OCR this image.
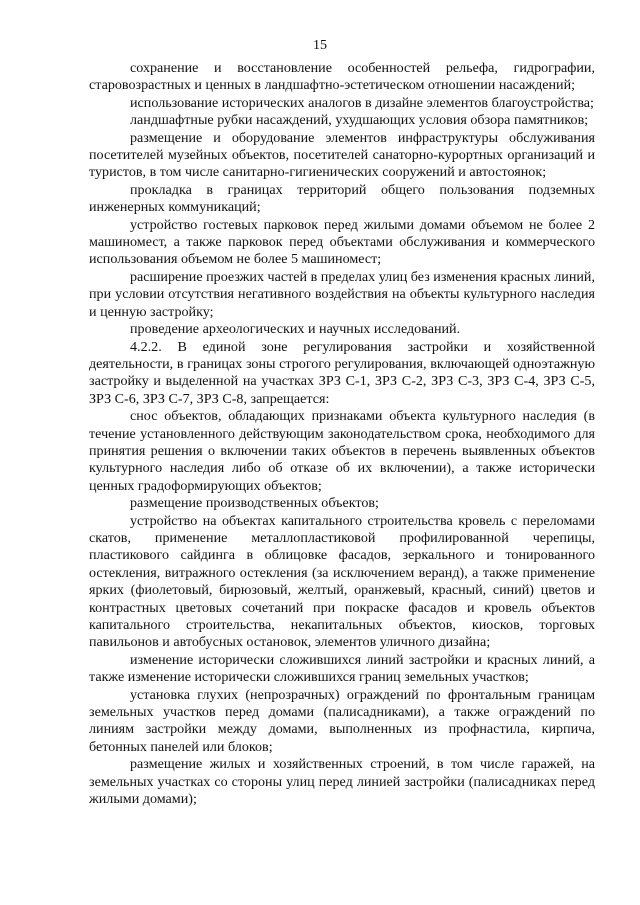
15

сохранение и восстановление особенностей рельефа, гидрографии, старовозрастных и ценных в ландшафтно-эстетическом отношении насаждений;

использование исторических аналогов в дизайне элементов благоустройства;

ландшафтные рубки насаждений, ухудшающих условия обзора памятников;

размещение и оборудование элементов инфраструктуры обслуживания посетителей музейных объектов, посетителей санаторно-курортных организаций и туристов, в том числе санитарно-гигиенических сооружений и автостоянок;

прокладка в границах территорий общего пользования подземных инженерных коммуникаций;

устройство гостевых парковок перед жилыми домами объемом не более 2 машиномест, а также парковок перед объектами обслуживания и коммерческого использования объемом не более 5 машиномест;

расширение проезжих частей в пределах улиц без изменения красных линий, при условии отсутствия негативного воздействия на объекты культурного наследия и ценную застройку;

проведение археологических и научных исследований.

4.2.2. В единой зоне регулирования застройки и хозяйственной деятельности, в границах зоны строгого регулирования, включающей одноэтажную застройку и выделенной на участках ЗРЗ С-1, ЗРЗ С-2, ЗРЗ С-3, ЗРЗ С-4, ЗРЗ С-5, ЗРЗ С-6, ЗРЗ С-7, ЗРЗ С-8, запрещается:

снос объектов, обладающих признаками объекта культурного наследия (в течение установленного действующим законодательством срока, необходимого для принятия решения о включении таких объектов в перечень выявленных объектов культурного наследия либо об отказе об их включении), а также исторически ценных градоформирующих объектов;

размещение производственных объектов;

устройство на объектах капитального строительства кровель с переломами скатов, применение металлопластиковой профилированной черепицы, пластикового сайдинга в облицовке фасадов, зеркального и тонированного остекления, витражного остекления (за исключением веранд), а также применение ярких (фиолетовый, бирюзовый, желтый, оранжевый, красный, синий) цветов и контрастных цветовых сочетаний при покраске фасадов и кровель объектов капитального строительства, некапитальных объектов, киосков, торговых павильонов и автобусных остановок, элементов уличного дизайна;

изменение исторически сложившихся линий застройки и красных линий, а также изменение исторически сложившихся границ земельных участков;

установка глухих (непрозрачных) ограждений по фронтальным границам земельных участков перед домами (палисадниками), а также ограждений по линиям застройки между домами, выполненных из профнастила, кирпича, бетонных панелей или блоков;

размещение жилых и хозяйственных строений, в том числе гаражей, на земельных участках со стороны улиц перед линией застройки (палисадниках перед жилыми домами);
